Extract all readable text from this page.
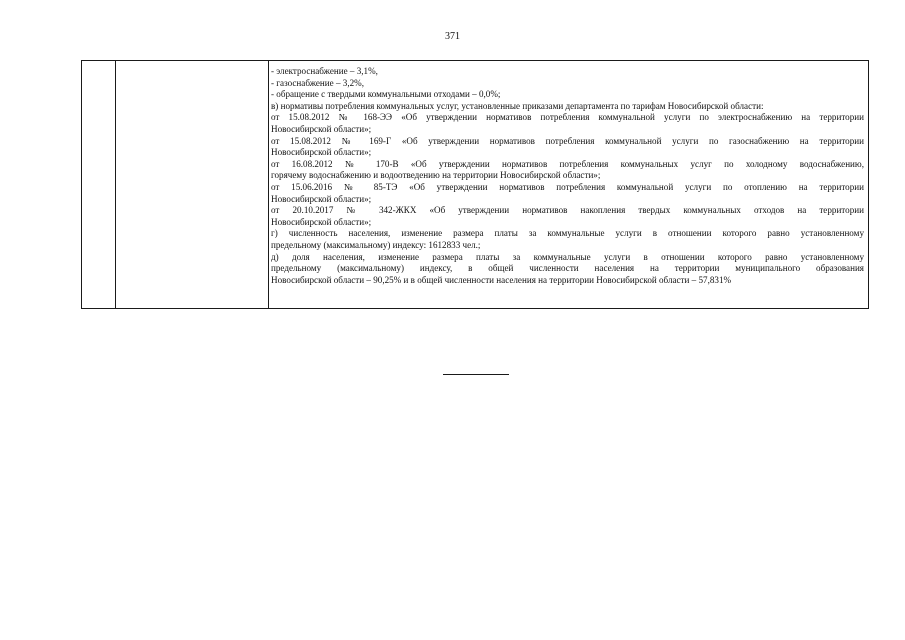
371
- электроснабжение – 3,1%,
- газоснабжение – 3,2%,
- обращение с твердыми коммунальными отходами – 0,0%;
в) нормативы потребления коммунальных услуг, установленные приказами департамента по тарифам Новосибирской области:
от 15.08.2012 № 168-ЭЭ «Об утверждении нормативов потребления коммунальной услуги по электроснабжению на территории
Новосибирской области»;
от 15.08.2012 № 169-Г «Об утверждении нормативов потребления коммунальной услуги по газоснабжению на территории
Новосибирской области»;
от 16.08.2012 № 170-В «Об утверждении нормативов потребления коммунальных услуг по холодному водоснабжению,
горячему водоснабжению и водоотведению на территории Новосибирской области»;
от 15.06.2016 № 85-ТЭ «Об утверждении нормативов потребления коммунальной услуги по отоплению на территории
Новосибирской области»;
от 20.10.2017 № 342-ЖКХ «Об утверждении нормативов накопления твердых коммунальных отходов на территории
Новосибирской области»;
г) численность населения, изменение размера платы за коммунальные услуги в отношении которого равно установленному
предельному (максимальному) индексу: 1612833 чел.;
д) доля населения, изменение размера платы за коммунальные услуги в отношении которого равно установленному
предельному (максимальному) индексу, в общей численности населения на территории муниципального образования
Новосибирской области – 90,25% и в общей численности населения на территории Новосибирской области – 57,831%
